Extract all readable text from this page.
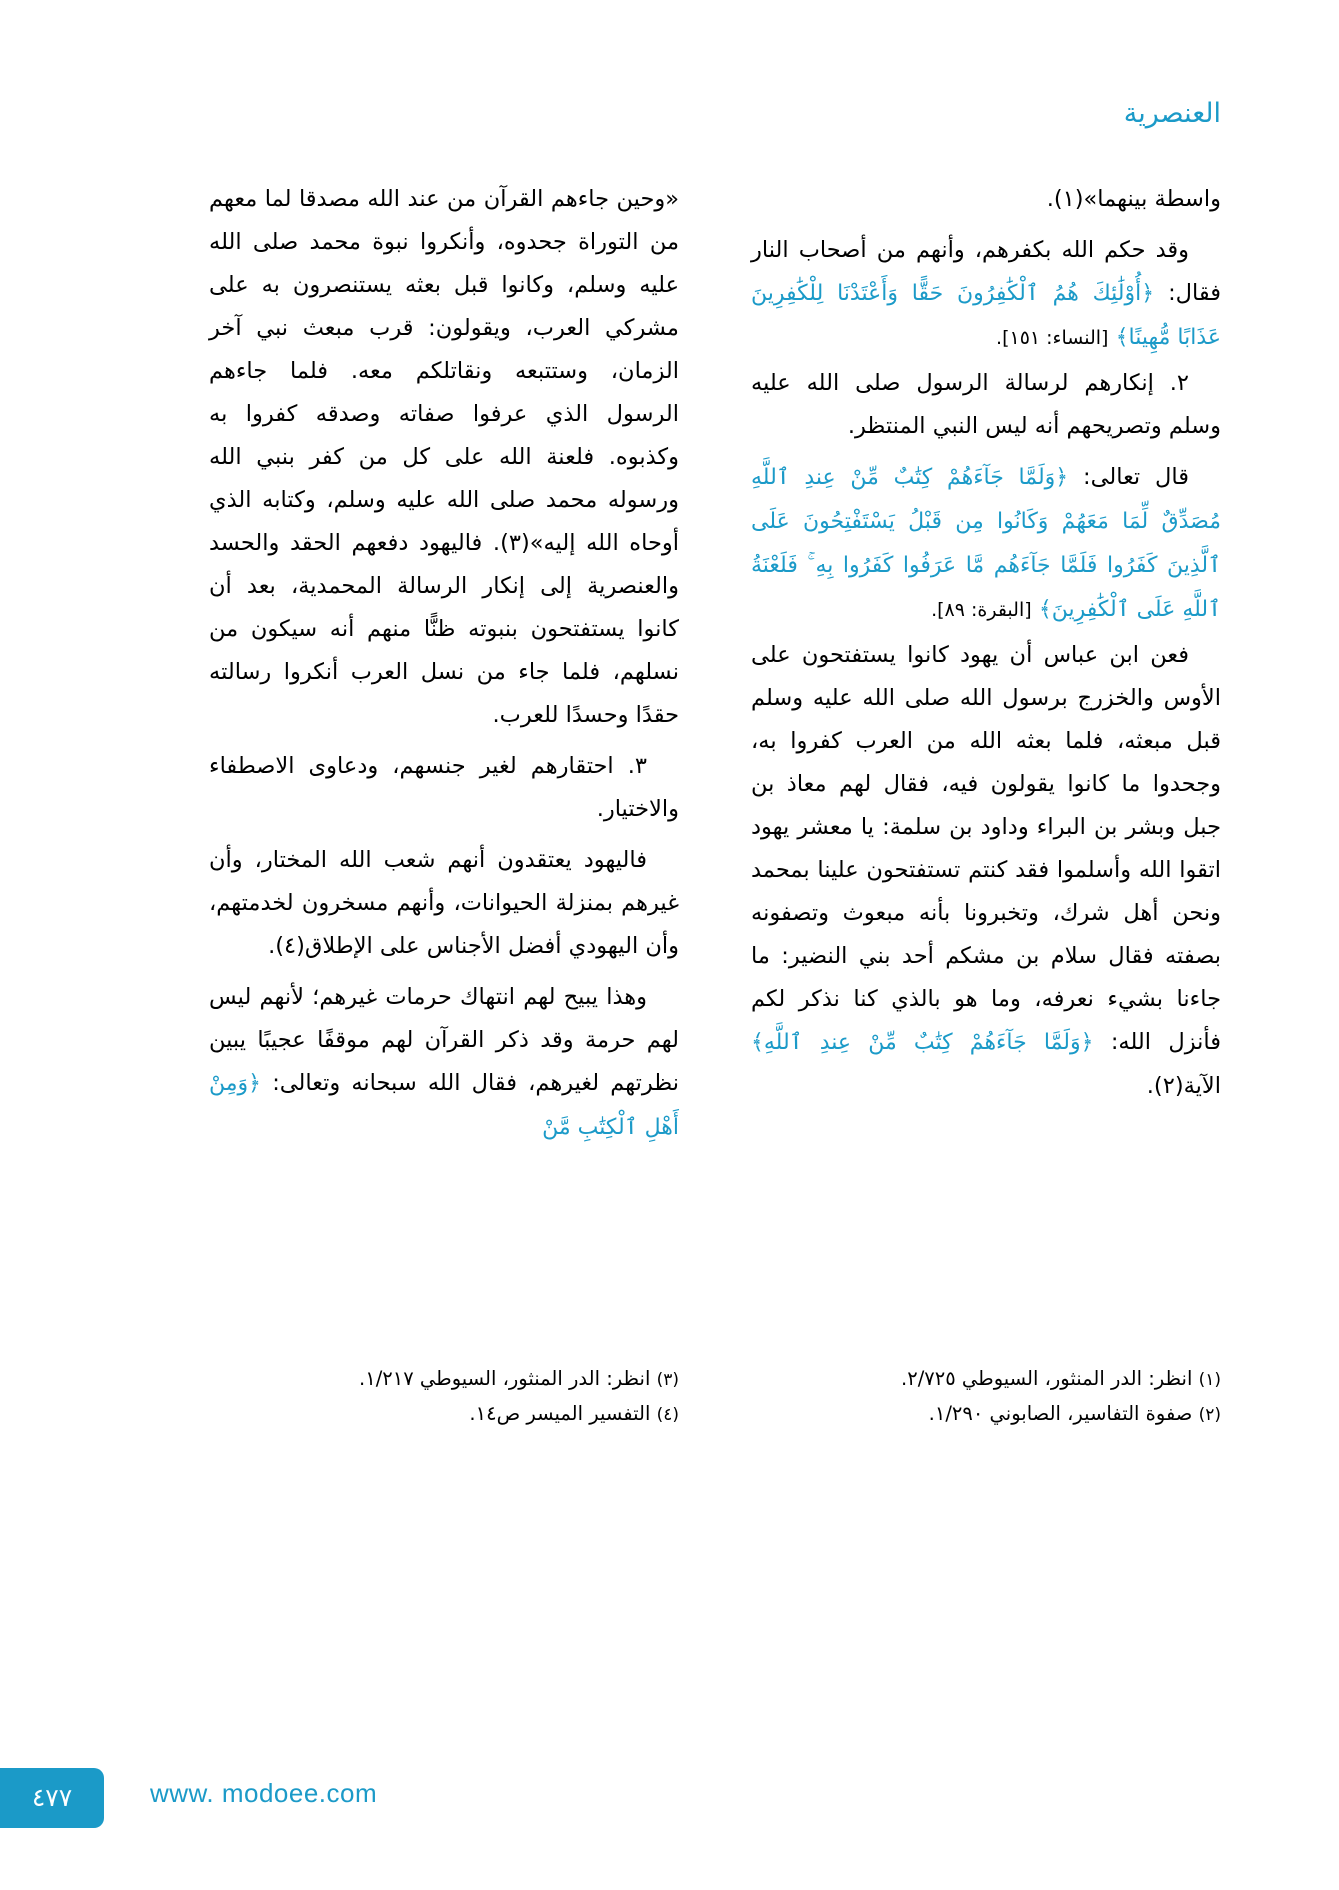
العنصرية

واسطة بينهما»(١).

وقد حكم الله بكفرهم، وأنهم من أصحاب النار فقال: ﴿أُوْلَٰئِكَ هُمُ ٱلْكَٰفِرُونَ حَقًّا وَأَعْتَدْنَا لِلْكَٰفِرِينَ عَذَابًا مُّهِينًا﴾ [النساء: ١٥١].

٢. إنكارهم لرسالة الرسول صلى الله عليه وسلم وتصريحهم أنه ليس النبي المنتظر.

قال تعالى: ﴿وَلَمَّا جَآءَهُمْ كِتَٰبٌ مِّنْ عِندِ ٱللَّهِ مُصَدِّقٌ لِّمَا مَعَهُمْ وَكَانُوا مِن قَبْلُ يَسْتَفْتِحُونَ عَلَى ٱلَّذِينَ كَفَرُوا فَلَمَّا جَآءَهُم مَّا عَرَفُوا كَفَرُوا بِهِ ۚ فَلَعْنَةُ ٱللَّهِ عَلَى ٱلْكَٰفِرِينَ﴾ [البقرة: ٨٩].

فعن ابن عباس أن يهود كانوا يستفتحون على الأوس والخزرج برسول الله صلى الله عليه وسلم قبل مبعثه، فلما بعثه الله من العرب كفروا به، وجحدوا ما كانوا يقولون فيه، فقال لهم معاذ بن جبل وبشر بن البراء وداود بن سلمة: يا معشر يهود اتقوا الله وأسلموا فقد كنتم تستفتحون علينا بمحمد ونحن أهل شرك، وتخبرونا بأنه مبعوث وتصفونه بصفته فقال سلام بن مشكم أحد بني النضير: ما جاءنا بشيء نعرفه، وما هو بالذي كنا نذكر لكم فأنزل الله: ﴿وَلَمَّا جَآءَهُمْ كِتَٰبٌ مِّنْ عِندِ ٱللَّهِ﴾ الآية(٢).

«وحين جاءهم القرآن من عند الله مصدقا لما معهم من التوراة جحدوه، وأنكروا نبوة محمد صلى الله عليه وسلم، وكانوا قبل بعثه يستنصرون به على مشركي العرب، ويقولون: قرب مبعث نبي آخر الزمان، وستتبعه ونقاتلكم معه. فلما جاءهم الرسول الذي عرفوا صفاته وصدقه كفروا به وكذبوه. فلعنة الله على كل من كفر بنبي الله ورسوله محمد صلى الله عليه وسلم، وكتابه الذي أوحاه الله إليه»(٣). فاليهود دفعهم الحقد والحسد والعنصرية إلى إنكار الرسالة المحمدية، بعد أن كانوا يستفتحون بنبوته ظنًّا منهم أنه سيكون من نسلهم، فلما جاء من نسل العرب أنكروا رسالته حقدًا وحسدًا للعرب.

٣. احتقارهم لغير جنسهم، ودعاوى الاصطفاء والاختيار.

فاليهود يعتقدون أنهم شعب الله المختار، وأن غيرهم بمنزلة الحيوانات، وأنهم مسخرون لخدمتهم، وأن اليهودي أفضل الأجناس على الإطلاق(٤).

وهذا يبيح لهم انتهاك حرمات غيرهم؛ لأنهم ليس لهم حرمة وقد ذكر القرآن لهم موقفًا عجيبًا يبين نظرتهم لغيرهم، فقال الله سبحانه وتعالى: ﴿وَمِنْ أَهْلِ ٱلْكِتَٰبِ مَّنْ

(١) انظر: الدر المنثور، السيوطي ٢/٧٢٥.
(٢) صفوة التفاسير، الصابوني ١/٢٩٠.
(٣) انظر: الدر المنثور، السيوطي ١/٢١٧.
(٤) التفسير الميسر ص١٤.
٤٧٧	www. modoee.com
